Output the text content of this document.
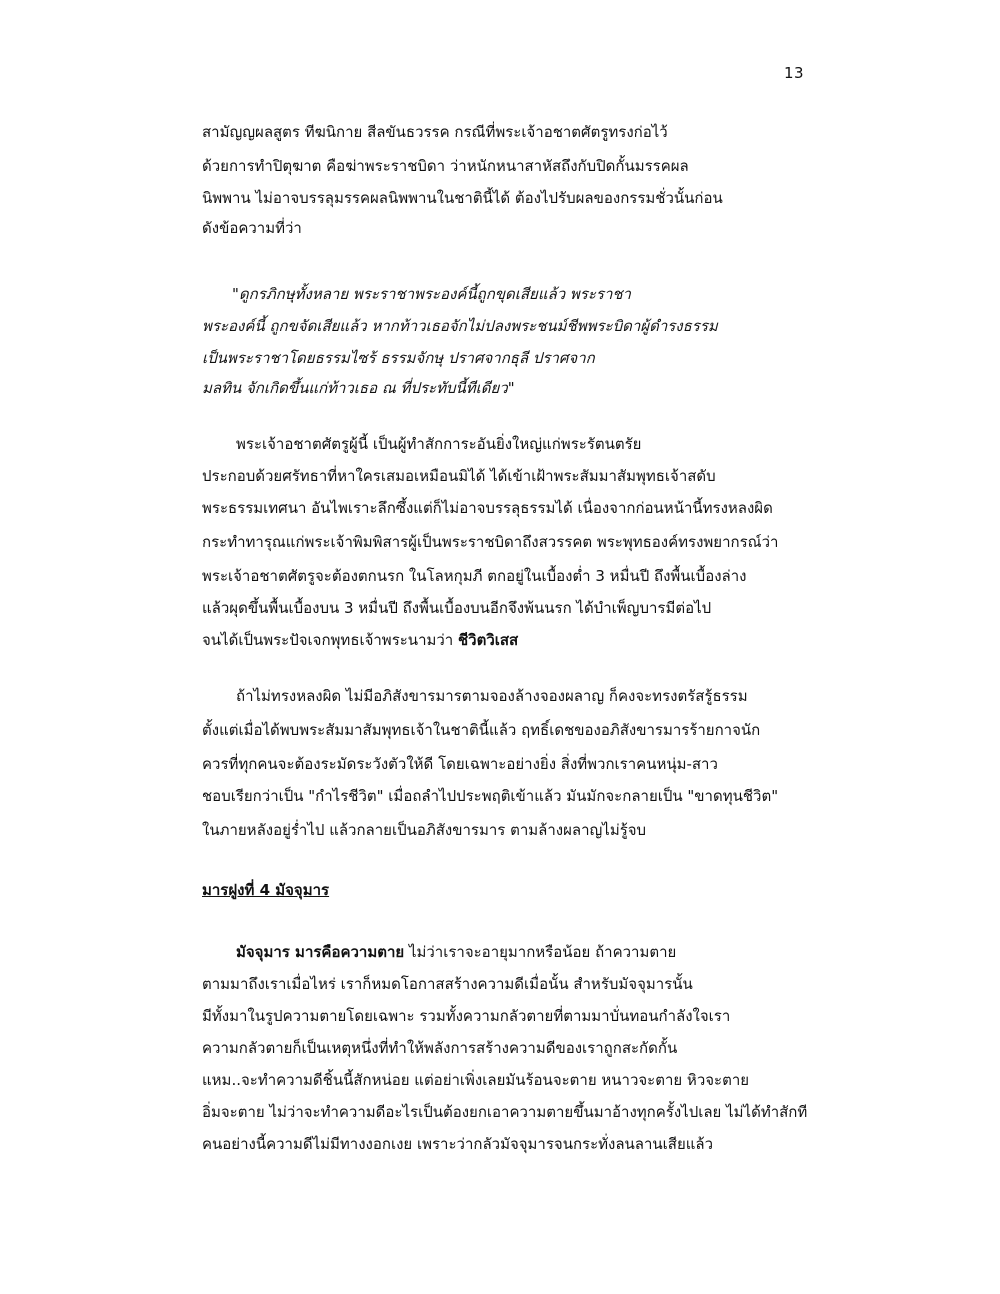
13
สามัญญผลสูตร ทีฆนิกาย สีลขันธวรรค กรณีที่พระเจ้าอชาตศัตรูทรงก่อไว้
ด้วยการทำปิตุฆาต คือฆ่าพระราชบิดา ว่าหนักหนาสาหัสถึงกับปิดกั้นมรรคผล
นิพพาน ไม่อาจบรรลุมรรคผลนิพพานในชาตินี้ได้ ต้องไปรับผลของกรรมชั่วนั้นก่อน
ดังข้อความที่ว่า
"ดูกรภิกษุทั้งหลาย พระราชาพระองค์นี้ถูกขุดเสียแล้ว พระราชา
พระองค์นี้ ถูกขจัดเสียแล้ว หากท้าวเธอจักไม่ปลงพระชนม์ชีพพระบิดาผู้ดำรงธรรม
เป็นพระราชาโดยธรรมไซร้ ธรรมจักษุ ปราศจากธุลี ปราศจาก
มลทิน จักเกิดขึ้นแก่ท้าวเธอ ณ ที่ประทับนี้ทีเดียว"
พระเจ้าอชาตศัตรูผู้นี้ เป็นผู้ทำสักการะอันยิ่งใหญ่แก่พระรัตนตรัย
ประกอบด้วยศรัทธาที่หาใครเสมอเหมือนมิได้ ได้เข้าเฝ้าพระสัมมาสัมพุทธเจ้าสดับ
พระธรรมเทศนา อันไพเราะลึกซึ้งแต่ก็ไม่อาจบรรลุธรรมได้ เนื่องจากก่อนหน้านี้ทรงหลงผิด
กระทำทารุณแก่พระเจ้าพิมพิสารผู้เป็นพระราชบิดาถึงสวรรคต พระพุทธองค์ทรงพยากรณ์ว่า
พระเจ้าอชาตศัตรูจะต้องตกนรก ในโลหกุมภี ตกอยู่ในเบื้องต่ำ 3 หมื่นปี ถึงพื้นเบื้องล่าง
แล้วผุดขึ้นพื้นเบื้องบน 3 หมื่นปี ถึงพื้นเบื้องบนอีกจึงพ้นนรก ได้บำเพ็ญบารมีต่อไป
จนได้เป็นพระปัจเจกพุทธเจ้าพระนามว่า ชีวิตวิเสส
ถ้าไม่ทรงหลงผิด ไม่มีอภิสังขารมารตามจองล้างจองผลาญ ก็คงจะทรงตรัสรู้ธรรม
ตั้งแต่เมื่อได้พบพระสัมมาสัมพุทธเจ้าในชาตินี้แล้ว ฤทธิ์เดชของอภิสังขารมารร้ายกาจนัก
ควรที่ทุกคนจะต้องระมัดระวังตัวให้ดี โดยเฉพาะอย่างยิ่ง สิ่งที่พวกเราคนหนุ่ม-สาว
ชอบเรียกว่าเป็น "กำไรชีวิต" เมื่อถลำไปประพฤติเข้าแล้ว มันมักจะกลายเป็น "ขาดทุนชีวิต"
ในภายหลังอยู่ร่ำไป แล้วกลายเป็นอภิสังขารมาร ตามล้างผลาญไม่รู้จบ
มารฝูงที่ 4 มัจจุมาร
มัจจุมาร มารคือความตาย ไม่ว่าเราจะอายุมากหรือน้อย ถ้าความตาย
ตามมาถึงเราเมื่อไหร่ เราก็หมดโอกาสสร้างความดีเมื่อนั้น สำหรับมัจจุมารนั้น
มีทั้งมาในรูปความตายโดยเฉพาะ รวมทั้งความกลัวตายที่ตามมาบั่นทอนกำลังใจเรา
ความกลัวตายก็เป็นเหตุหนึ่งที่ทำให้พลังการสร้างความดีของเราถูกสะกัดกั้น
แหม..จะทำความดีชิ้นนี้สักหน่อย แต่อย่าเพิ่งเลยมันร้อนจะตาย หนาวจะตาย หิวจะตาย
อิ่มจะตาย ไม่ว่าจะทำความดีอะไรเป็นต้องยกเอาความตายขึ้นมาอ้างทุกครั้งไปเลย ไม่ได้ทำสักที
คนอย่างนี้ความดีไม่มีทางงอกเงย เพราะว่ากลัวมัจจุมารจนกระทั่งลนลานเสียแล้ว
